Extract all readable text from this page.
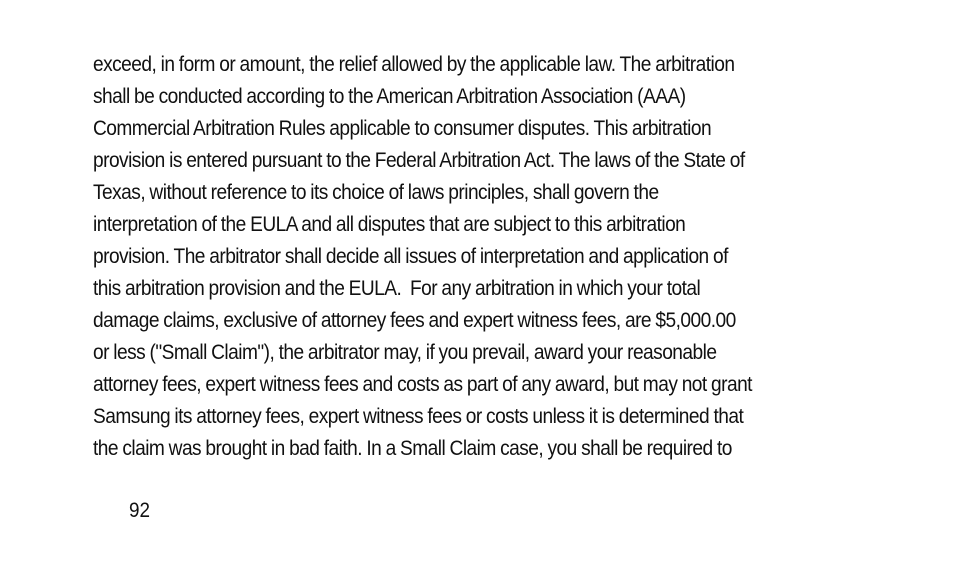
exceed, in form or amount, the relief allowed by the applicable law. The arbitration
shall be conducted according to the American Arbitration Association (AAA)
Commercial Arbitration Rules applicable to consumer disputes. This arbitration
provision is entered pursuant to the Federal Arbitration Act. The laws of the State of
Texas, without reference to its choice of laws principles, shall govern the
interpretation of the EULA and all disputes that are subject to this arbitration
provision. The arbitrator shall decide all issues of interpretation and application of
this arbitration provision and the EULA.  For any arbitration in which your total
damage claims, exclusive of attorney fees and expert witness fees, are $5,000.00
or less ("Small Claim"), the arbitrator may, if you prevail, award your reasonable
attorney fees, expert witness fees and costs as part of any award, but may not grant
Samsung its attorney fees, expert witness fees or costs unless it is determined that
the claim was brought in bad faith. In a Small Claim case, you shall be required to
92
